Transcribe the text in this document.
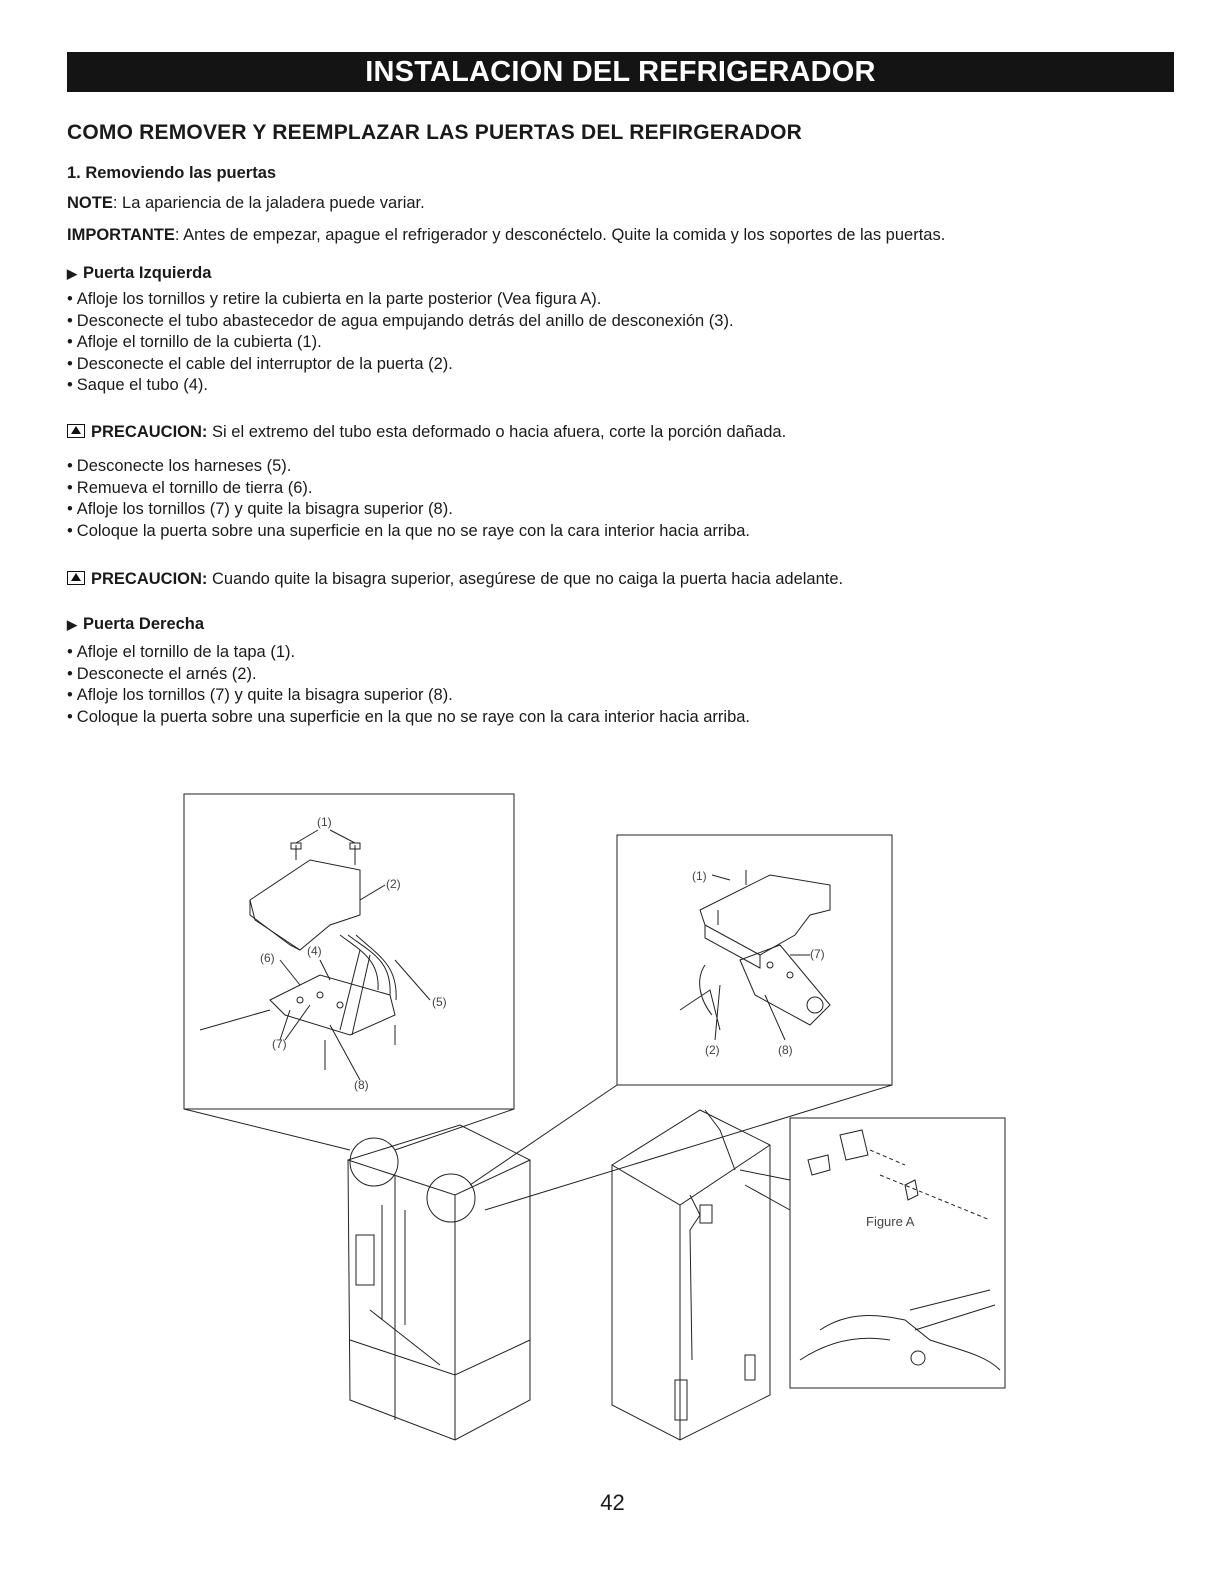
INSTALACION DEL REFRIGERADOR
COMO REMOVER Y REEMPLAZAR LAS PUERTAS DEL REFIRGERADOR
1. Removiendo las puertas
NOTE: La apariencia de la jaladera puede variar.
IMPORTANTE: Antes de empezar, apague el refrigerador y desconéctelo. Quite la comida y los soportes de las puertas.
▶ Puerta Izquierda
• Afloje los tornillos y retire la cubierta en la parte posterior (Vea figura A).
• Desconecte el tubo abastecedor de agua empujando detrás del anillo de desconexión (3).
• Afloje el tornillo de la cubierta (1).
• Desconecte el cable del interruptor de la puerta (2).
• Saque el tubo (4).
PRECAUCION: Si el extremo del tubo esta deformado o hacia afuera, corte la porción dañada.
• Desconecte los harneses (5).
• Remueva el tornillo de tierra (6).
• Afloje los tornillos (7) y quite la bisagra superior (8).
• Coloque la puerta sobre una superficie en la que no se raye con la cara interior hacia arriba.
PRECAUCION: Cuando quite la bisagra superior, asegúrese de que no caiga la puerta hacia adelante.
▶ Puerta Derecha
• Afloje el tornillo de la tapa (1).
• Desconecte el arnés (2).
• Afloje los tornillos (7) y quite la bisagra superior (8).
• Coloque la puerta sobre una superficie en la que no se raye con la cara interior hacia arriba.
(1)
(2)
(6)	(4)
(5)
(7)
(8)
(1)
(7)
(2)	(8)
Figure A
42
